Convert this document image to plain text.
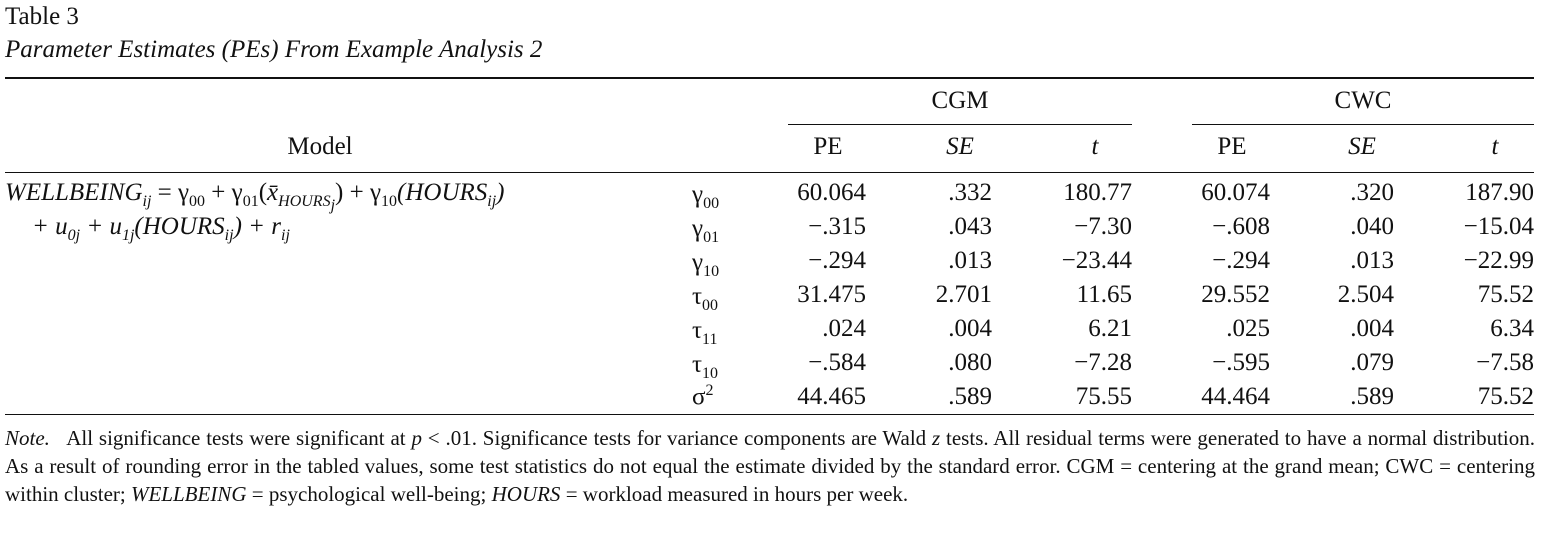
Table 3
Parameter Estimates (PEs) From Example Analysis 2
CGM	CWC
Model	PE	SE	t	PE	SE	t
$WELLBEING_{ij} = \gamma_{00}$ + $\gamma_{01}(x̄_{HOURS_j})$ + $\gamma_{10}(HOURS_{ij})$
+ $u_{0j}$ + $u_{1j}(HOURS_{ij}) + r_{ij}$
$\gamma_{00}$	60.064	.332	180.77	60.074	.320	187.90
$\gamma_{01}$	−.315	.043	−7.30	−.608	.040	−15.04
$\gamma_{10}$	−.294	.013	−23.44	−.294	.013	−22.99
$\tau_{00}$	31.475	2.701	11.65	29.552	2.504	75.52
$\tau_{11}$	.024	.004	6.21	.025	.004	6.34
$\tau_{10}$	−.584	.080	−7.28	−.595	.079	−7.58
$\sigma^2$	44.465	.589	75.55	44.464	.589	75.52
Note. All significance tests were significant at p < .01. Significance tests for variance components are Wald z tests. All residual terms were generated to have a normal distribution. As a result of rounding error in the tabled values, some test statistics do not equal the estimate divided by the standard error. CGM = centering at the grand mean; CWC = centering within cluster; WELLBEING = psychological well-being; HOURS = workload measured in hours per week.
